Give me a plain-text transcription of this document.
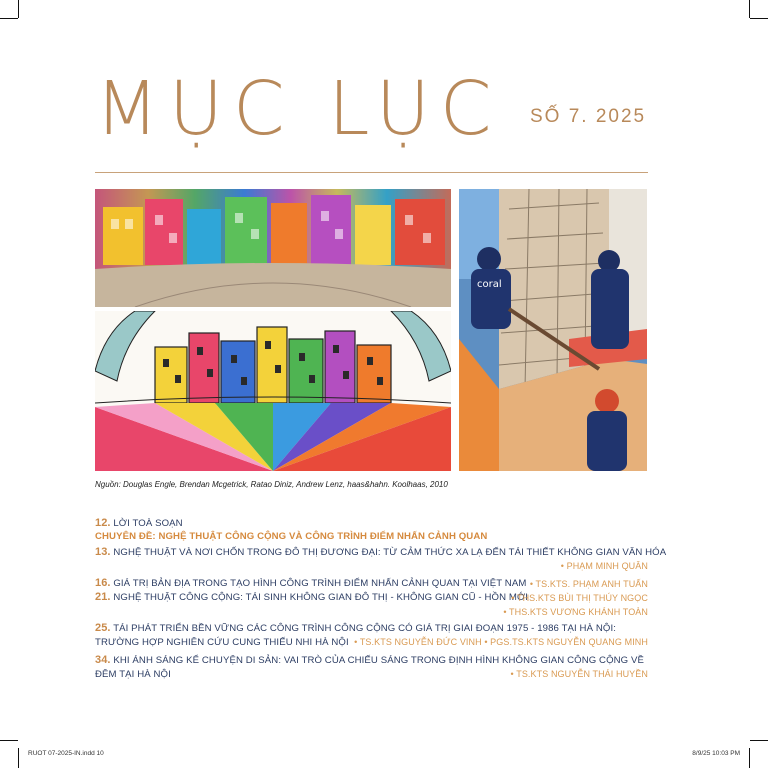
MỤC LỤC SỐ 7. 2025
coral
Nguồn: Douglas Engle, Brendan Mcgetrick, Ratao Diniz, Andrew Lenz, haas&hahn. Koolhaas, 2010
12. LỜI TOÀ SOẠN
CHUYÊN ĐỀ: NGHỆ THUẬT CÔNG CỘNG VÀ CÔNG TRÌNH ĐIỂM NHẤN CẢNH QUAN
13. NGHỆ THUẬT VÀ NƠI CHỐN TRONG ĐÔ THỊ ĐƯƠNG ĐẠI: TỪ CẢM THỨC XA LẠ ĐẾN TÁI THIẾT KHÔNG GIAN VĂN HÓA
• PHẠM MINH QUÂN
16. GIÁ TRỊ BẢN ĐỊA TRONG TẠO HÌNH CÔNG TRÌNH ĐIỂM NHẤN CẢNH QUAN TẠI VIỆT NAM • TS.KTS. PHẠM ANH TUẤN
21. NGHỆ THUẬT CÔNG CỘNG: TÁI SINH KHÔNG GIAN ĐÔ THỊ - KHÔNG GIAN CŨ - HỒN MỚI
• THS.KTS BÙI THỊ THÚY NGỌC
• THS.KTS VƯƠNG KHÁNH TOÀN
25. TÁI PHÁT TRIỂN BỀN VỮNG CÁC CÔNG TRÌNH CÔNG CỘNG CÓ GIÁ TRỊ GIAI ĐOẠN 1975 - 1986 TẠI HÀ NỘI:
TRƯỜNG HỢP NGHIÊN CỨU CUNG THIẾU NHI HÀ NỘI • TS.KTS NGUYỄN ĐỨC VINH • PGS.TS.KTS NGUYỄN QUANG MINH
34. KHI ÁNH SÁNG KỂ CHUYỆN DI SẢN: VAI TRÒ CỦA CHIẾU SÁNG TRONG ĐỊNH HÌNH KHÔNG GIAN CÔNG CỘNG VỀ
ĐÊM TẠI HÀ NỘI	• TS.KTS NGUYỄN THÁI HUYỀN
RUOT 07-2025-IN.indd 10	8/9/25 10:03 PM
